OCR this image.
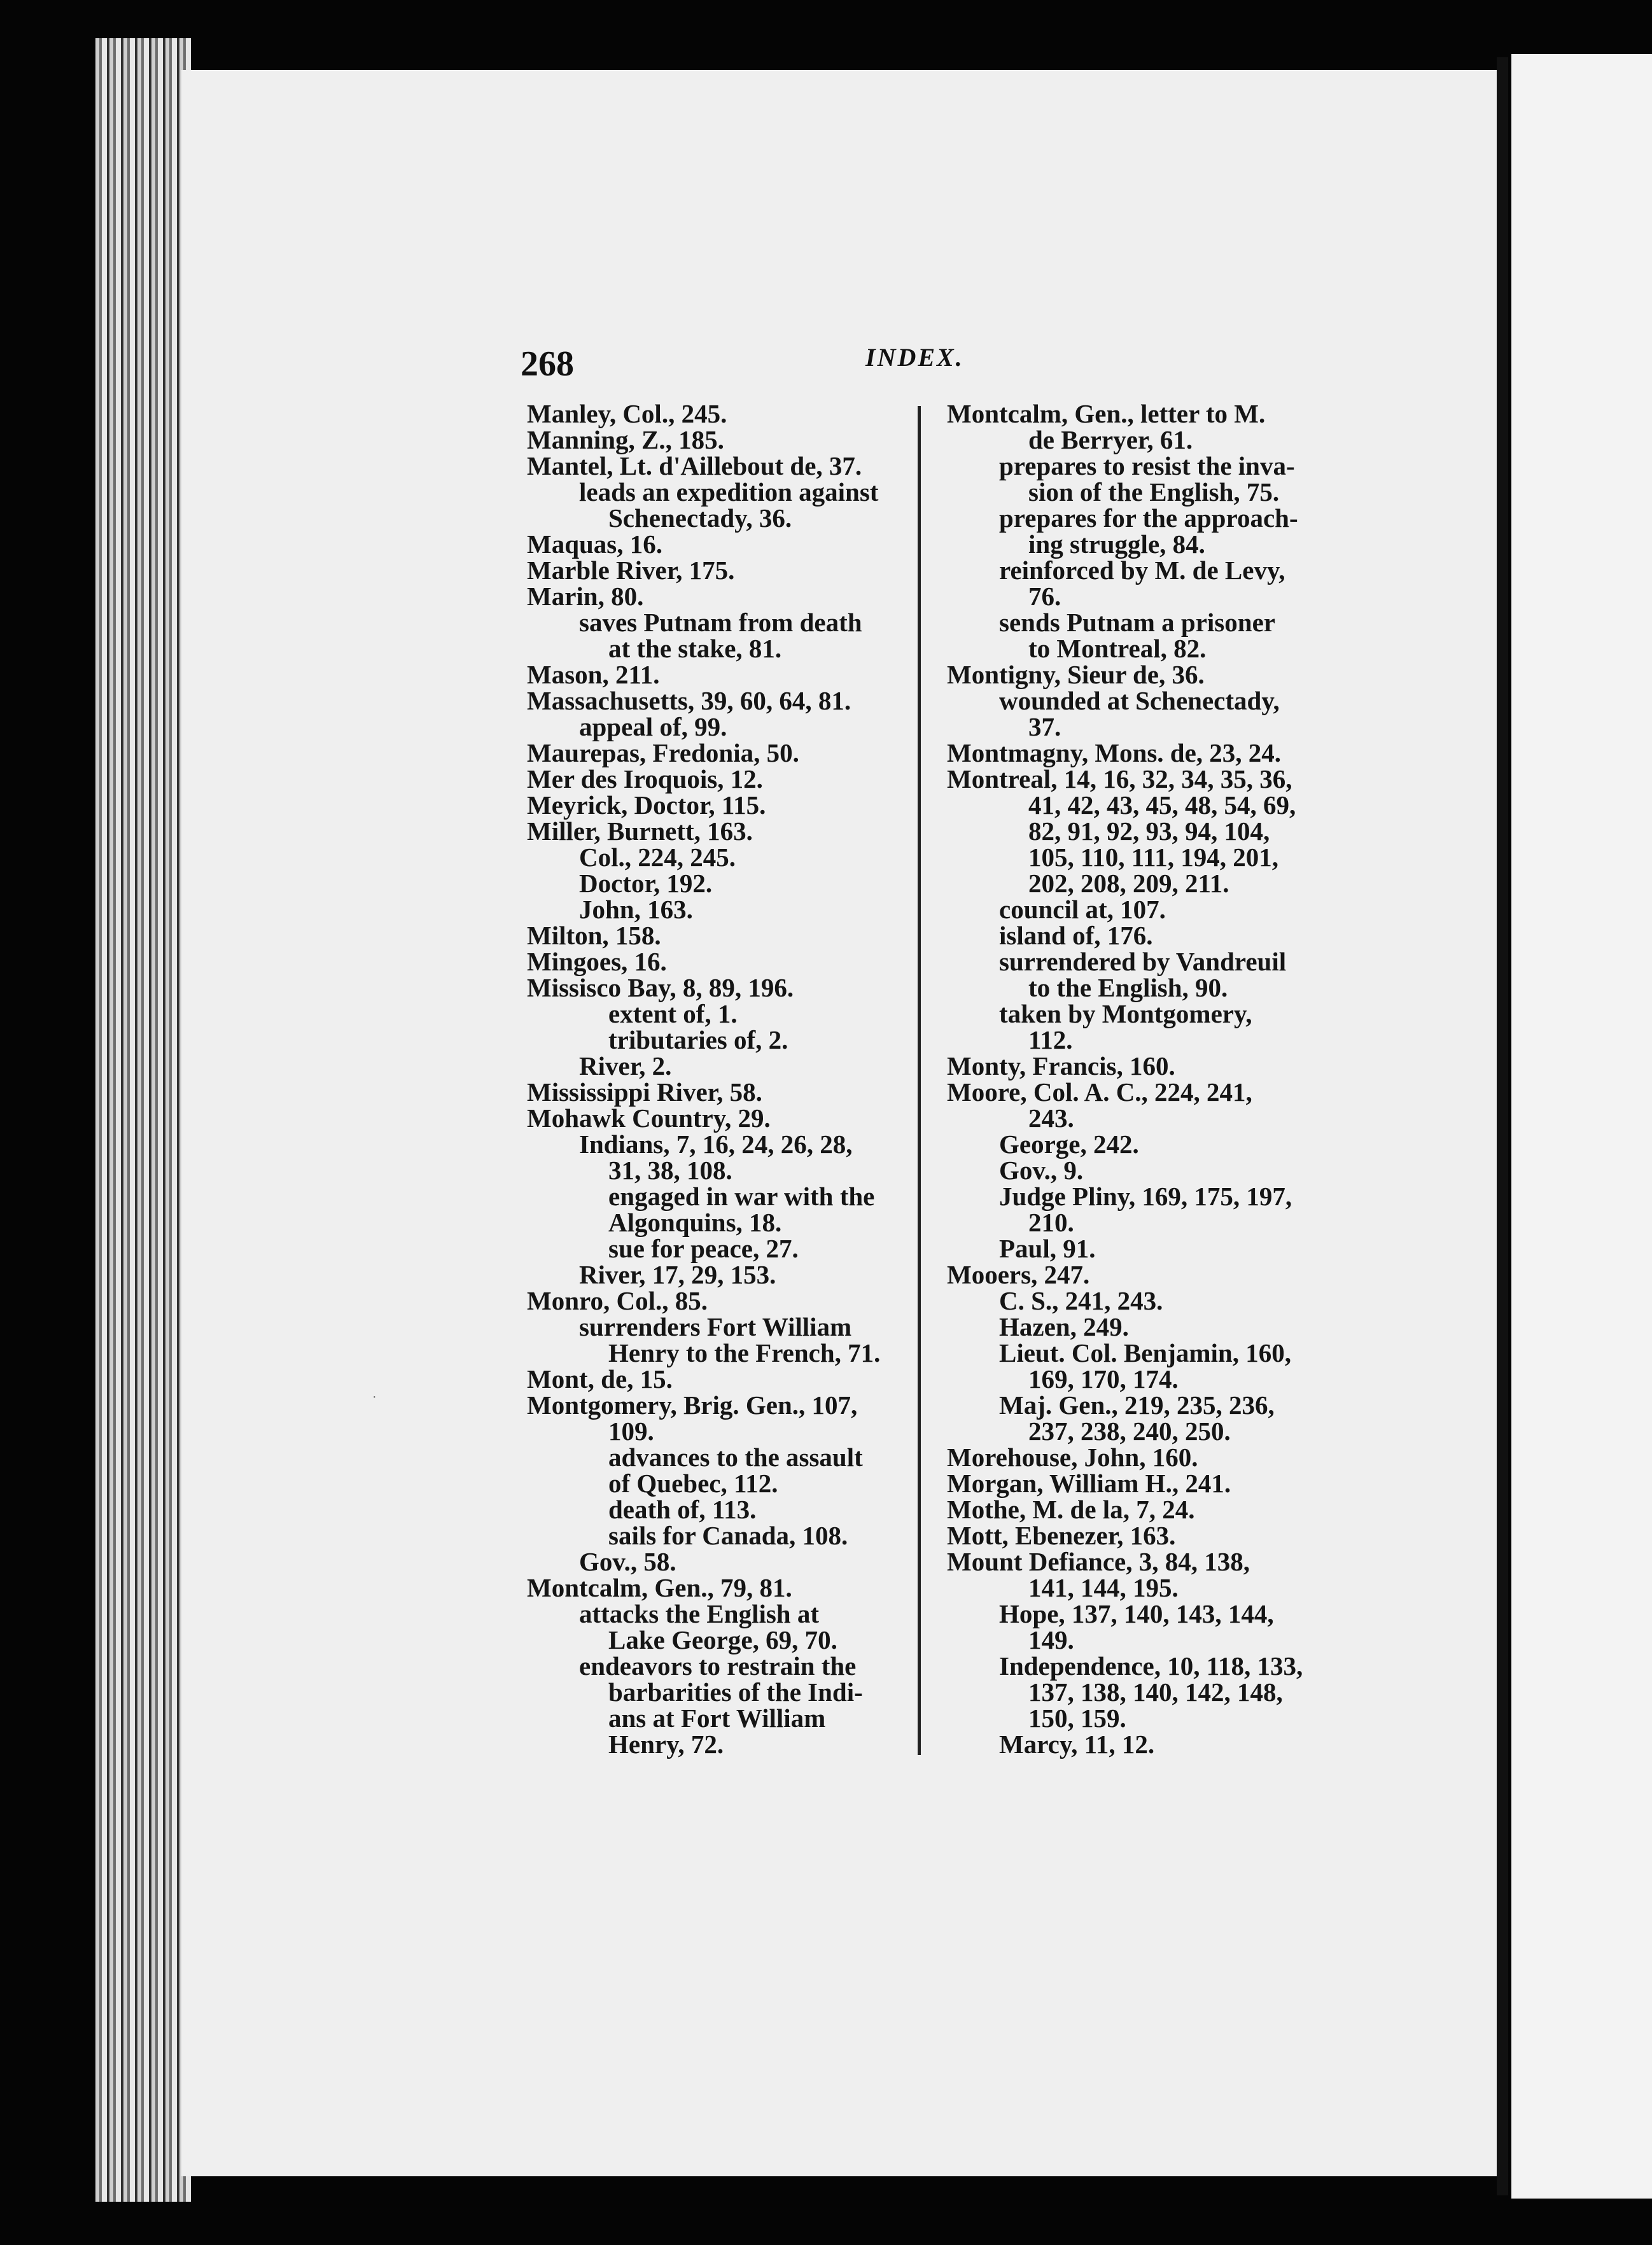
268	INDEX.
Manley, Col., 245.
Manning, Z., 185.
Mantel, Lt. d'Aillebout de, 37.
leads an expedition against
Schenectady, 36.
Maquas, 16.
Marble River, 175.
Marin, 80.
saves Putnam from death
at the stake, 81.
Mason, 211.
Massachusetts, 39, 60, 64, 81.
appeal of, 99.
Maurepas, Fredonia, 50.
Mer des Iroquois, 12.
Meyrick, Doctor, 115.
Miller, Burnett, 163.
Col., 224, 245.
Doctor, 192.
John, 163.
Milton, 158.
Mingoes, 16.
Missisco Bay, 8, 89, 196.
extent of, 1.
tributaries of, 2.
River, 2.
Mississippi River, 58.
Mohawk Country, 29.
Indians, 7, 16, 24, 26, 28,
31, 38, 108.
engaged in war with the
Algonquins, 18.
sue for peace, 27.
River, 17, 29, 153.
Monro, Col., 85.
surrenders Fort William
Henry to the French, 71.
Mont, de, 15.
Montgomery, Brig. Gen., 107,
109.
advances to the assault
of Quebec, 112.
death of, 113.
sails for Canada, 108.
Gov., 58.
Montcalm, Gen., 79, 81.
attacks the English at
Lake George, 69, 70.
endeavors to restrain the
barbarities of the Indi-
ans at Fort William
Henry, 72.
Montcalm, Gen., letter to M.
de Berryer, 61.
prepares to resist the inva-
sion of the English, 75.
prepares for the approach-
ing struggle, 84.
reinforced by M. de Levy,
76.
sends Putnam a prisoner
to Montreal, 82.
Montigny, Sieur de, 36.
wounded at Schenectady,
37.
Montmagny, Mons. de, 23, 24.
Montreal, 14, 16, 32, 34, 35, 36,
41, 42, 43, 45, 48, 54, 69,
82, 91, 92, 93, 94, 104,
105, 110, 111, 194, 201,
202, 208, 209, 211.
council at, 107.
island of, 176.
surrendered by Vandreuil
to the English, 90.
taken by Montgomery,
112.
Monty, Francis, 160.
Moore, Col. A. C., 224, 241,
243.
George, 242.
Gov., 9.
Judge Pliny, 169, 175, 197,
210.
Paul, 91.
Mooers, 247.
C. S., 241, 243.
Hazen, 249.
Lieut. Col. Benjamin, 160,
169, 170, 174.
Maj. Gen., 219, 235, 236,
237, 238, 240, 250.
Morehouse, John, 160.
Morgan, William H., 241.
Mothe, M. de la, 7, 24.
Mott, Ebenezer, 163.
Mount Defiance, 3, 84, 138,
141, 144, 195.
Hope, 137, 140, 143, 144,
149.
Independence, 10, 118, 133,
137, 138, 140, 142, 148,
150, 159.
Marcy, 11, 12.
·
